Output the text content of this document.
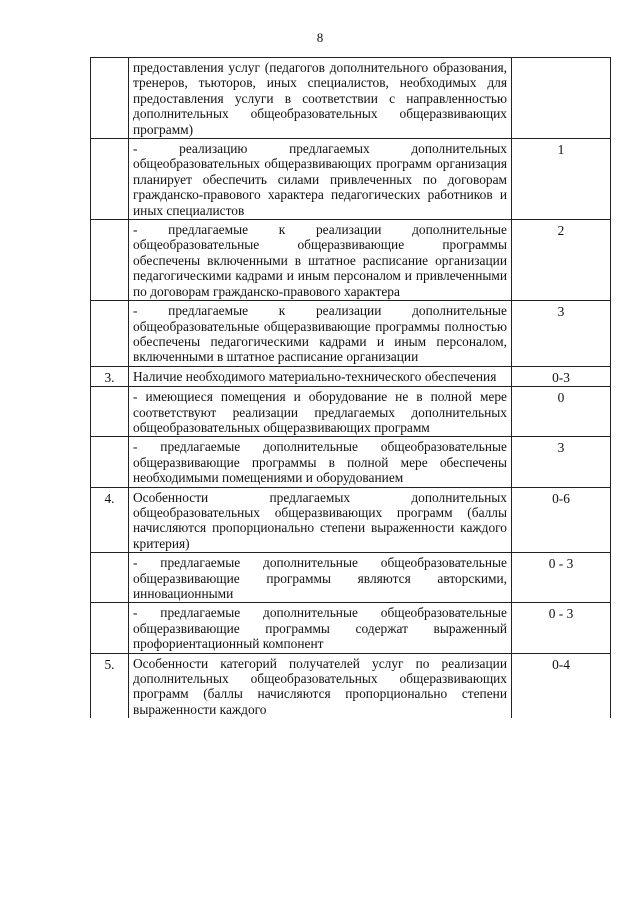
8
	предоставления услуг (педагогов дополнительного образования, тренеров, тьюторов, иных специалистов, необходимых для предоставления услуги в соответствии с направленностью дополнительных общеобразовательных общеразвивающих программ)	
	- реализацию предлагаемых дополнительных общеобразовательных общеразвивающих программ организация планирует обеспечить силами привлеченных по договорам гражданско-правового характера педагогических работников и иных специалистов	1
	- предлагаемые к реализации дополнительные общеобразовательные общеразвивающие программы обеспечены включенными в штатное расписание организации педагогическими кадрами и иным персоналом и привлеченными по договорам гражданско-правового характера	2
	- предлагаемые к реализации дополнительные общеобразовательные общеразвивающие программы полностью обеспечены педагогическими кадрами и иным персоналом, включенными в штатное расписание организации	3
3.	Наличие необходимого материально-технического обеспечения	0-3
	- имеющиеся помещения и оборудование не в полной мере соответствуют реализации предлагаемых дополнительных общеобразовательных общеразвивающих программ	0
	- предлагаемые дополнительные общеобразовательные общеразвивающие программы в полной мере обеспечены необходимыми помещениями и оборудованием	3
4.	Особенности предлагаемых дополнительных общеобразовательных общеразвивающих программ (баллы начисляются пропорционально степени выраженности каждого критерия)	0-6
	- предлагаемые дополнительные общеобразовательные общеразвивающие программы являются авторскими, инновационными	0 - 3
	- предлагаемые дополнительные общеобразовательные общеразвивающие программы содержат выраженный профориентационный компонент	0 - 3
5.	Особенности категорий получателей услуг по реализации дополнительных общеобразовательных общеразвивающих программ (баллы начисляются пропорционально степени выраженности каждого	0-4
